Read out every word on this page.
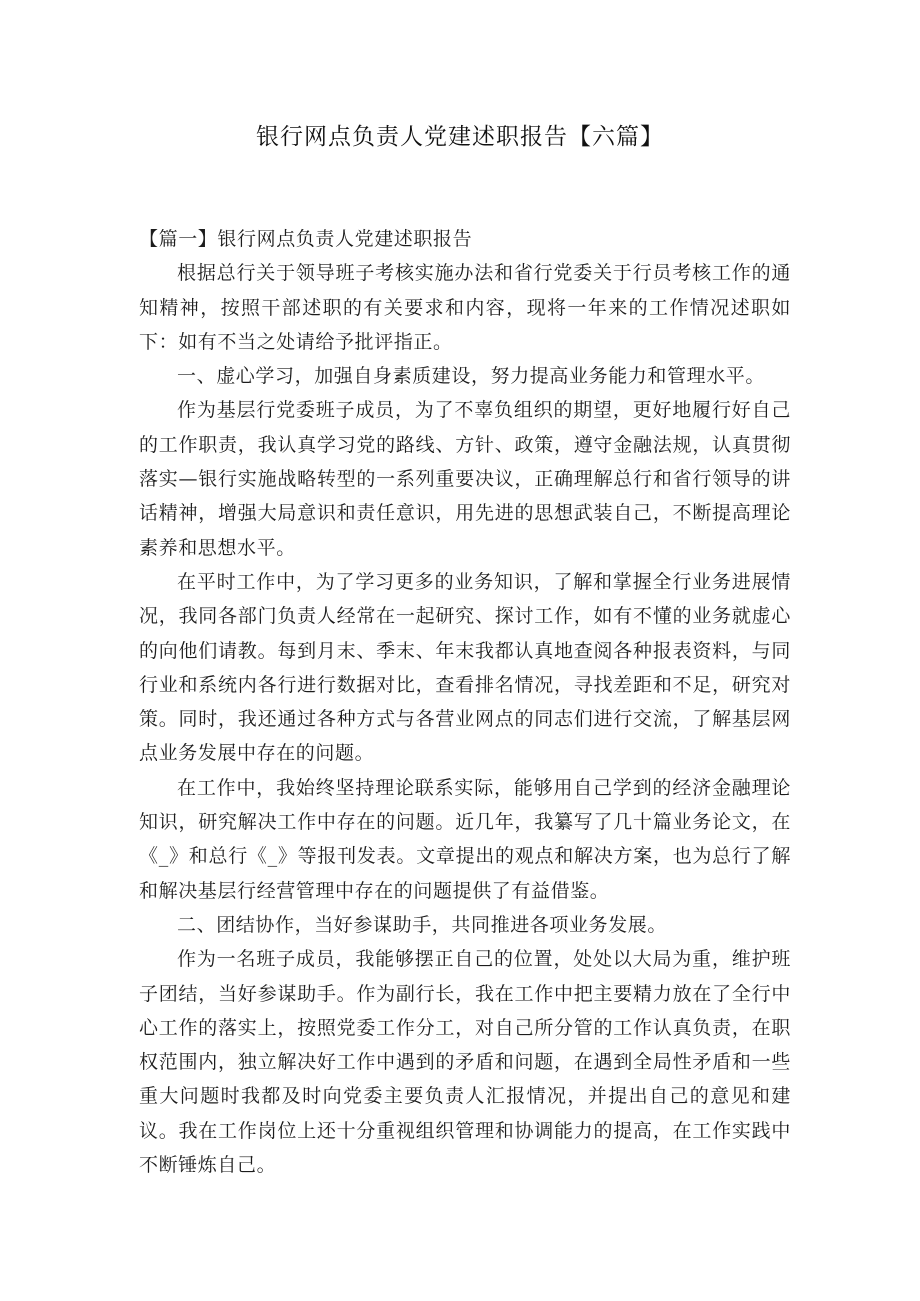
银行网点负责人党建述职报告【六篇】

【篇一】银行网点负责人党建述职报告

根据总行关于领导班子考核实施办法和省行党委关于行员考核工作的通知精神，按照干部述职的有关要求和内容，现将一年来的工作情况述职如下：如有不当之处请给予批评指正。

一、虚心学习，加强自身素质建设，努力提高业务能力和管理水平。

作为基层行党委班子成员，为了不辜负组织的期望，更好地履行好自己的工作职责，我认真学习党的路线、方针、政策，遵守金融法规，认真贯彻落实—银行实施战略转型的一系列重要决议，正确理解总行和省行领导的讲话精神，增强大局意识和责任意识，用先进的思想武装自己，不断提高理论素养和思想水平。

在平时工作中，为了学习更多的业务知识，了解和掌握全行业务进展情况，我同各部门负责人经常在一起研究、探讨工作，如有不懂的业务就虚心的向他们请教。每到月末、季末、年末我都认真地查阅各种报表资料，与同行业和系统内各行进行数据对比，查看排名情况，寻找差距和不足，研究对策。同时，我还通过各种方式与各营业网点的同志们进行交流，了解基层网点业务发展中存在的问题。

在工作中，我始终坚持理论联系实际，能够用自己学到的经济金融理论知识，研究解决工作中存在的问题。近几年，我纂写了几十篇业务论文，在《_》和总行《_》等报刊发表。文章提出的观点和解决方案，也为总行了解和解决基层行经营管理中存在的问题提供了有益借鉴。

二、团结协作，当好参谋助手，共同推进各项业务发展。

作为一名班子成员，我能够摆正自己的位置，处处以大局为重，维护班子团结，当好参谋助手。作为副行长，我在工作中把主要精力放在了全行中心工作的落实上，按照党委工作分工，对自己所分管的工作认真负责，在职权范围内，独立解决好工作中遇到的矛盾和问题，在遇到全局性矛盾和一些重大问题时我都及时向党委主要负责人汇报情况，并提出自己的意见和建议。我在工作岗位上还十分重视组织管理和协调能力的提高，在工作实践中不断锤炼自己。
